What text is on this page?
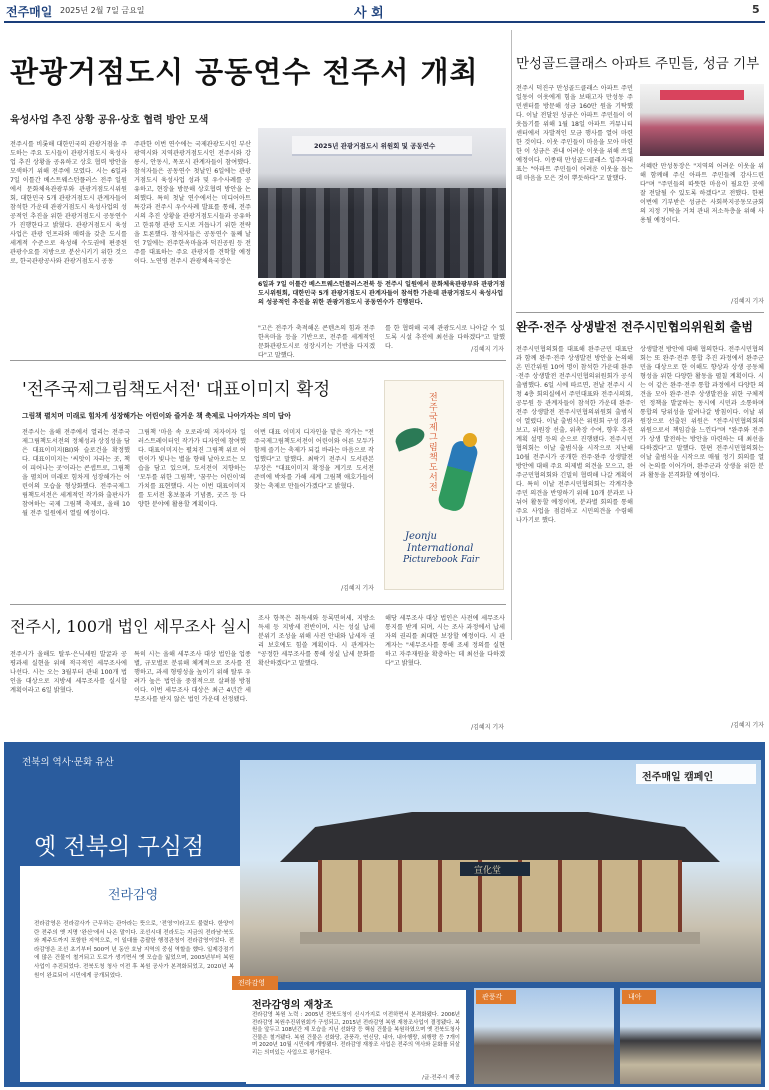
전주매일 2025년 2월 7일 금요일	사 회	5
관광거점도시 공동연수 전주서 개최
육성사업 추진 상황 공유·상호 협력 방안 모색
전주시를 비롯해 대한민국의 관광거점을 주도하는 주요 도시들이 관광거점도시 육성사업 추진 상황을 공유하고 상호 협력 방안을 모색하기 위해 전주에 모였다. 시는 6일과 7일 이틀간 베스트웨스턴플러스 전주 일원에서 문화체육관광부와 관광거점도시위원회, 대한민국 5개 관광거점도시 관계자들이 참석한 가운데 관광거점도시 육성사업의 성공적인 추진을 위한 관광거점도시 공동연수가 진행한다고 밝혔다. 관광거점도시 육성사업은 관광 인프라와 매력을 갖춘 도시를 세계적 수준으로 육성해 수도권에 편중된 관광수요를 지방으로 분산시키기 위한 것으로, 한국관광공사와 관광거점도시 공동
주관한 이번 연수에는 국제관광도시인 부산광역시와 지역관광거점도시인 전주시와 강릉시, 안동시, 목포시 관계자들이 참여했다. 참석자들은 공동연수 첫날인 6일에는 관광거점도시 육성사업 성과 및 우수사례를 공유하고, 현장을 방문해 상호협력 방안을 논의했다. 특히 첫날 연수에서는 미디어아트 특강과 전주시 우수사례 발표를 통해, 전주시의 추진 상황을 관광거점도시들과 공유하고 한류형 관광 도시로 거듭나기 위한 전략을 토론했다. 참석자들은 공동연수 둘째 날인 7일에는 전주한옥마을과 덕진공원 등 전주를 대표하는 주요 관광지를 견학할 예정이다. 노연영 전주시 관광체육국장은
2025년 관광거점도시 위원회 및 공동연수
6일과 7일 이틀간 베스트웨스턴플러스전북 등 전주시 일원에서 문화체육관광부와 관광거점도시위원회, 대한민국 5개 관광거점도시 관계자들이 참석한 가운데 관광거점도시 육성사업의 성공적인 추진을 위한 관광거점도시 공동연수가 진행된다.
"고은 전주가 축적해온 콘텐츠의 힘과 전주한옥마을 등을 기반으로, 전주를 세계적인 문화관광도시로 성장시키는 기반을 다지겠다"고 말했다.
를 한 협력해 국제 관광도시로 나아갈 수 있도록 시설 추진에 최선을 다하겠다"고 말했다.	/김혜지 기자
만성골드클래스 아파트 주민들, 성금 기부
전주시 덕진구 만성골드클래스 아파트 주민일동이 이웃에게 힘을 보태고자 만성동 주민센터를 방문해 성금 160만 원을 기탁했다. 이날 전달된 성금은 아파트 주민들이 이웃돕기를 위해 1월 18일 아파트 커뮤니티센터에서 자발적인 모금 행사를 열어 마련한 것이다. 이웃 주민들이 마음을 모아 마련한 이 성금은 관내 어려운 이웃을 위해 쓰일 예정이다. 이종태 만성골드클래스 입주자대표는 "아파트 주민들이 어려운 이웃을 돕는데 마음을 모은 것이 뿌듯하다"고 말했다.
서혜란 만성동장은 "지역의 어려운 이웃을 위해 함께해 주신 아파트 주민들께 감사드린다"며 "주민들의 따뜻한 마음이 필요한 곳에 잘 전달될 수 있도록 하겠다"고 전했다. 한편 이번에 기부받은 성금은 사회복지공동모금회의 지정 기탁을 거쳐 관내 저소득층을 위해 사용될 예정이다.
/김혜지 기자
완주·전주 상생발전 전주시민협의위원회 출범
전주시민협의회를 대표해 완주군민 대표단과 함께 완주·전주 상생발전 방안을 논의해온 민간위원 10여 명이 참석한 가운데 완주·전주 상생발전 전주시민협의위원회가 공식 출범했다. 6일 시에 따르면, 전날 전주시 시청 4층 회의실에서 주민대표와 전주시의회, 공무원 등 관계자들이 참석한 가운데 완주·전주 상생발전 전주시민협의위원회 출범식이 열렸다. 이날 출범식은 위원회 구성 경과 보고, 위원장 선출, 위촉장 수여, 향후 추진계획 설명 등의 순으로 진행됐다. 전주시민협의회는 이날 출범식을 시작으로 지난해 10월 전주시가 공개한 전주·완주 상생발전 방안에 대해 주요 의제별 의견을 모으고, 완주군민협의회와 긴밀히 협력해 나갈 계획이다. 특히 이날 전주시민협의회는 각계각층 주민 의견을 반영하기 위해 10개 분과로 나뉘어 활동할 예정이며, 분과별 회의를 통해 주요 사업을 점검하고 시민의견을 수렴해 나가기로 했다.
상생발전 방안에 대해 협의한다. 전주시민협의회는 또 완주·전주 통합 추진 과정에서 완주군민을 대상으로 한 이해도 향상과 상생 공동체 형성을 위한 다양한 활동을 펼칠 계획이다. 시는 이 같은 완주·전주 통합 과정에서 다양한 의견을 모아 완주·전주 상생발전을 위한 구체적인 정책을 발굴하는 동시에 시민과 소통하며 통합의 당위성을 알려나갈 방침이다. 이날 위원장으로 선출된 위원은 "전주시민협의회의 위원으로서 책임감을 느낀다"며 "완주와 전주가 상생 발전하는 방안을 마련하는 데 최선을 다하겠다"고 말했다. 한편 전주시민협의회는 이날 출범식을 시작으로 매월 정기 회의를 열어 논의를 이어가며, 완주군과 상생을 위한 분과 활동을 본격화할 예정이다.
/김혜지 기자
'전주국제그림책도서전' 대표이미지 확정
그림책 펼치며 미래로 힘차게 성장해가는 어린이와 즐거운 책 축제로 나아가자는 의미 담아
전주시는 올해 전주에서 열리는 전주국제그림책도서전의 정체성과 상징성을 담은 대표이미지(BI)와 슬로건을 확정했다. 대표이미지는 '씨앗이 자라는 곳, 책이 피어나는 곳'이라는 콘셉트로, 그림책을 펼치며 미래로 힘차게 성장해가는 어린이의 모습을 형상화했다. 전주국제그림책도서전은 세계적인 작가와 출판사가 참여하는 국제 그림책 축제로, 올해 10월 전주 일원에서 열릴 예정이다.
그림책 '마음 속 오로라'의 저자이자 일러스트레이터인 작가가 디자인에 참여했다. 대표이미지는 펼쳐진 그림책 위로 어린이가 빛나는 별을 향해 날아오르는 모습을 담고 있으며, 도서전이 지향하는 '모두를 위한 그림책', '꿈꾸는 어린이'의 가치를 표현했다. 시는 이번 대표이미지를 도서전 홍보물과 기념품, 굿즈 등 다양한 분야에 활용할 계획이다.
이번 대표 이미지 디자인을 맡은 작가는 "전주국제그림책도서전이 어린이와 어른 모두가 함께 즐기는 축제가 되길 바라는 마음으로 작업했다"고 말했다. 최락기 전주시 도서관본부장은 "대표이미지 확정을 계기로 도서전 준비에 박차를 가해 세계 그림책 애호가들이 찾는 축제로 만들어가겠다"고 밝혔다.
/김혜지 기자
전주국제그림책도서전
Jeonju
International
Picturebook Fair
전주시, 100개 법인 세무조사 실시
전주시가 올해도 탈루·은닉세원 발굴과 공평과세 실현을 위해 적극적인 세무조사에 나선다. 시는 오는 3월부터 관내 100개 법인을 대상으로 지방세 세무조사를 실시할 계획이라고 6일 밝혔다.
특히 시는 올해 세무조사 대상 법인을 업종별, 규모별로 분류해 체계적으로 조사를 진행하고, 과세 형평성을 높이기 위해 탈루 우려가 높은 법인을 중점적으로 살펴볼 방침이다. 이번 세무조사 대상은 최근 4년간 세무조사를 받지 않은 법인 가운데 선정됐다.
조사 항목은 취득세와 등록면허세, 지방소득세 등 지방세 전반이며, 시는 성실 납세 분위기 조성을 위해 사전 안내와 납세자 권리 보호에도 힘쓸 계획이다. 시 관계자는 "공정한 세무조사를 통해 성실 납세 문화를 확산하겠다"고 말했다.
해당 세무조사 대상 법인은 사전에 세무조사 통지를 받게 되며, 시는 조사 과정에서 납세자의 권리를 최대한 보장할 예정이다. 시 관계자는 "세무조사를 통해 조세 정의를 실현하고 자주재원을 확충하는 데 최선을 다하겠다"고 밝혔다.
/김혜지 기자
전북의 역사·문화 유산
전주매일 캠페인
옛 전북의 구심점
전라감영
전라감영은 전라감사가 근무하는 관아라는 뜻으로, '전영'이라고도 불렸다. 한양이란 전주의 옛 지명 '완산'에서 나온 말이다. 조선시대 전라도는 지금의 전라남·북도와 제주도까지 포함한 지역으로, 이 일대를 총괄한 행정관청이 전라감영이었다. 전라감영은 조선 초기부터 500여 년 동안 호남 지역의 중심 역할을 했다. 일제강점기에 많은 건물이 철거되고 도로가 생기면서 옛 모습을 잃었으며, 2005년부터 복원 사업이 추진되었다. 전북도청 청사 이전 후 복원 공사가 본격화되었고, 2020년 복원이 완료되어 시민에게 공개되었다.
宣化堂
전라감영
전라감영의 재창조
전라감영 복원 노력 : 2005년 전북도청이 신시가지로 이전하면서 본격화됐다. 2006년 전라감영 복원추진위원회가 구성되고, 2015년 전라감영 복원 재창조사업이 결정됐다. 복원을 앞두고 108년간 제 모습을 지닌 선화당 등 핵심 건물을 복원하였으며 옛 전북도청사 건물은 철거됐다. 복원 건물은 선화당, 관풍각, 연신당, 내아, 내아행랑, 외행랑 등 7개이며 2020년 10월 시민에게 개방됐다. 전라감영 재창조 사업은 전주의 역사와 문화를 되살리는 의미있는 사업으로 평가된다.
/글·전주시 제공
관풍각	내아
